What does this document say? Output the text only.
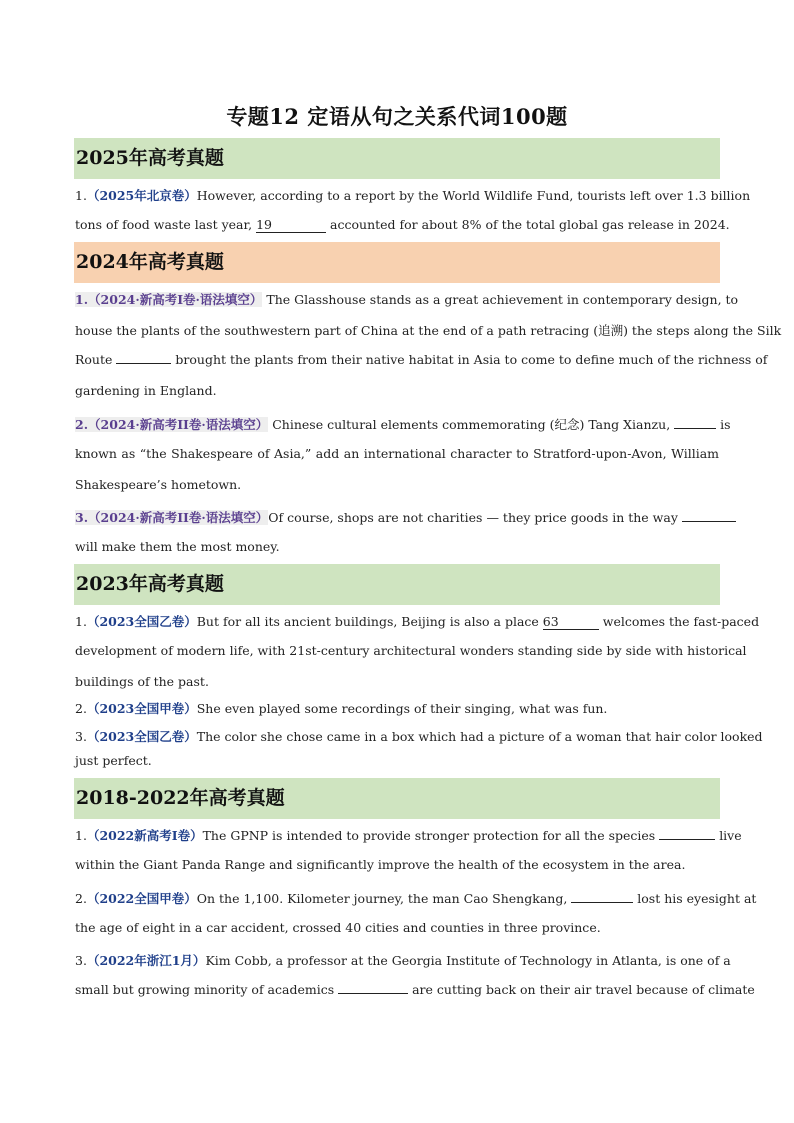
专题12 定语从句之关系代词100题
2025年高考真题
1.（2025年北京卷）However, according to a report by the World Wildlife Fund, tourists left over 1.3 billion
tons of food waste last year, 19	accounted for about 8% of the total global gas release in 2024.
2024年高考真题
1.（2024·新高考Ⅰ卷·语法填空） The Glasshouse stands as a great achievement in contemporary design, to
house the plants of the southwestern part of China at the end of a path retracing (追溯) the steps along the Silk
Route	brought the plants from their native habitat in Asia to come to define much of the richness of
gardening in England.
2.（2024·新高考II卷·语法填空） Chinese cultural elements commemorating (纪念) Tang Xianzu,	is
known as “the Shakespeare of Asia,” add an international character to Stratford-upon-Avon, William
Shakespeare’s hometown.
3.（2024·新高考II卷·语法填空）Of course, shops are not charities — they price goods in the way
will make them the most money.
2023年高考真题
1.（2023全国乙卷）But for all its ancient buildings, Beijing is also a place 63	welcomes the fast-paced
development of modern life, with 21st-century architectural wonders standing side by side with historical
buildings of the past.
2.（2023全国甲卷）She even played some recordings of their singing, what was fun.
3.（2023全国乙卷）The color she chose came in a box which had a picture of a woman that hair color looked
just perfect.
2018-2022年高考真题
1.（2022新高考I卷）The GPNP is intended to provide stronger protection for all the species	live
within the Giant Panda Range and significantly improve the health of the ecosystem in the area.
2.（2022全国甲卷）On the 1,100. Kilometer journey, the man Cao Shengkang,	lost his eyesight at
the age of eight in a car accident, crossed 40 cities and counties in three province.
3.（2022年浙江1月）Kim Cobb, a professor at the Georgia Institute of Technology in Atlanta, is one of a
small but growing minority of academics	are cutting back on their air travel because of climate
